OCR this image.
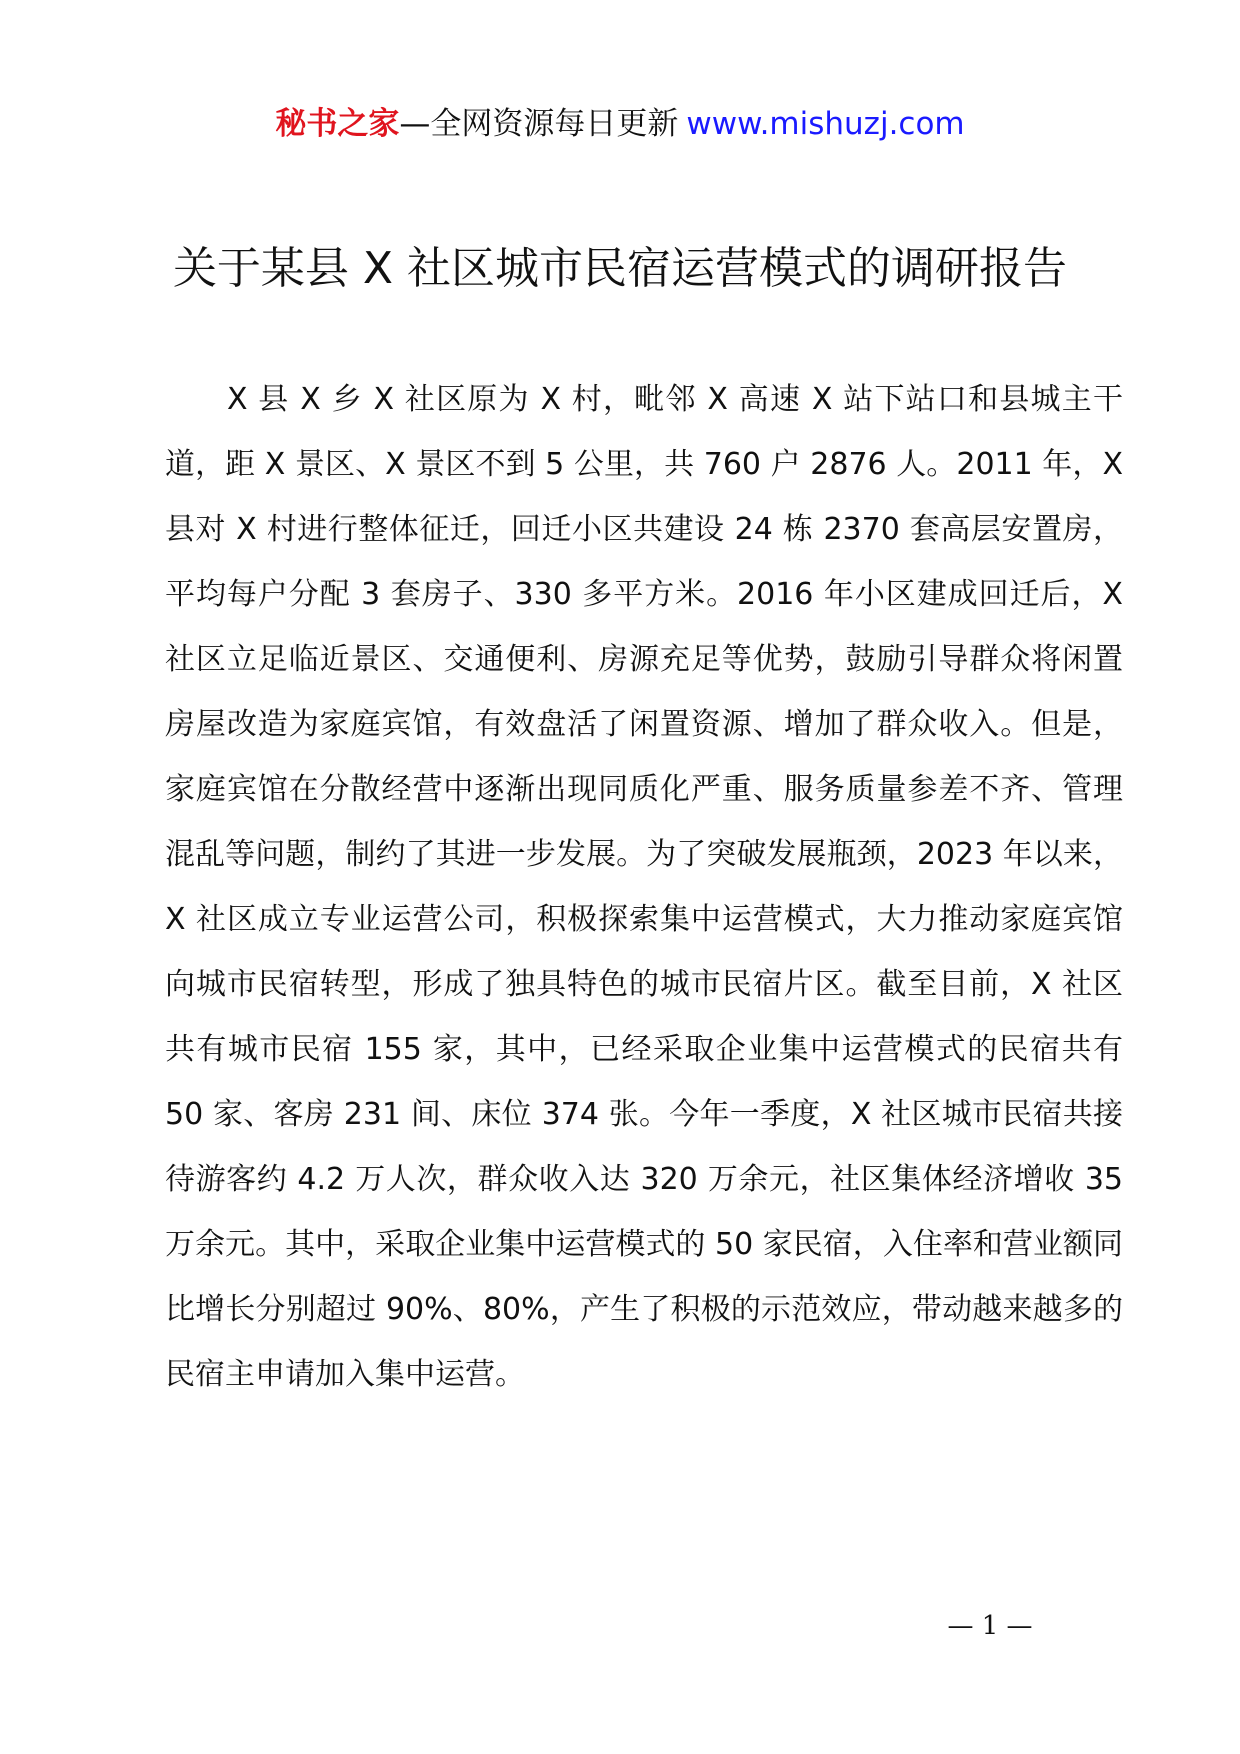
秘书之家—全网资源每日更新 www.mishuzj.com
关于某县 X 社区城市民宿运营模式的调研报告

X 县 X 乡 X 社区原为 X 村，毗邻 X 高速 X 站下站口和县城主干道，距 X 景区、X 景区不到 5 公里，共 760 户 2876 人。2011 年，X 县对 X 村进行整体征迁，回迁小区共建设 24 栋 2370 套高层安置房，平均每户分配 3 套房子、330 多平方米。2016 年小区建成回迁后，X 社区立足临近景区、交通便利、房源充足等优势，鼓励引导群众将闲置房屋改造为家庭宾馆，有效盘活了闲置资源、增加了群众收入。但是，家庭宾馆在分散经营中逐渐出现同质化严重、服务质量参差不齐、管理混乱等问题，制约了其进一步发展。为了突破发展瓶颈，2023 年以来，X 社区成立专业运营公司，积极探索集中运营模式，大力推动家庭宾馆向城市民宿转型，形成了独具特色的城市民宿片区。截至目前，X 社区共有城市民宿 155 家，其中，已经采取企业集中运营模式的民宿共有 50 家、客房 231 间、床位 374 张。今年一季度，X 社区城市民宿共接待游客约 4.2 万人次，群众收入达 320 万余元，社区集体经济增收 35 万余元。其中，采取企业集中运营模式的 50 家民宿，入住率和营业额同比增长分别超过 90%、80%，产生了积极的示范效应，带动越来越多的民宿主申请加入集中运营。

— 1 —
